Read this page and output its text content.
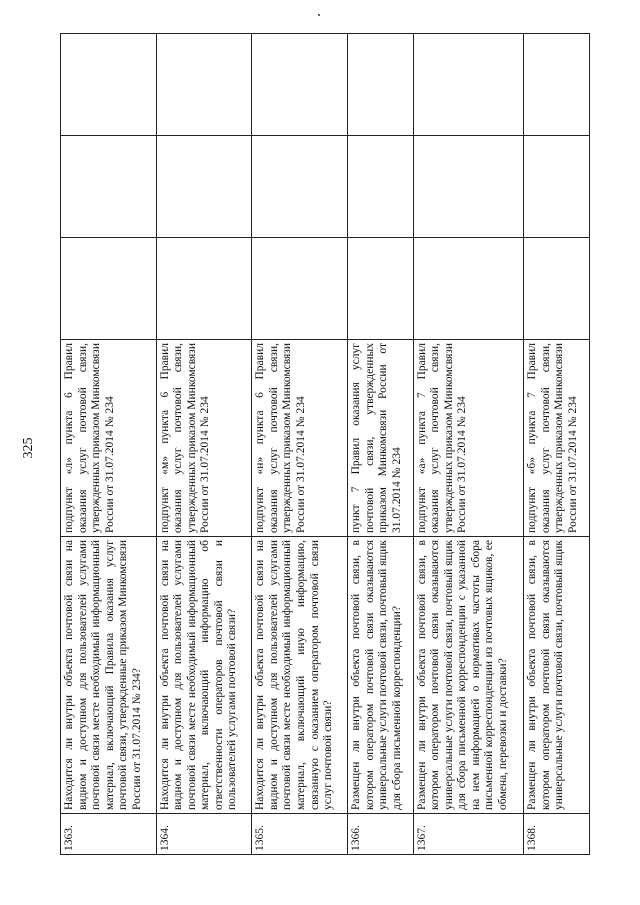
325
1363.	Находится ли внутри объекта почтовой связи на видном и доступном для пользователей услугами почтовой связи месте необходимый информационный материал, включающий Правила оказания услуг почтовой связи, утвержденные приказом Минкомсвязи России от 31.07.2014 № 234?	подпункт «л» пункта 6 Правил оказания услуг почтовой связи, утвержденных приказом Минкомсвязи России от 31.07.2014 № 234			
1364.	Находится ли внутри объекта почтовой связи на видном и доступном для пользователей услугами почтовой связи месте необходимый информационный материал, включающий информацию об ответственности операторов почтовой связи и пользователей услугами почтовой связи?	подпункт «м» пункта 6 Правил оказания услуг почтовой связи, утвержденных приказом Минкомсвязи России от 31.07.2014 № 234			
1365.	Находится ли внутри объекта почтовой связи на видном и доступном для пользователей услугами почтовой связи месте необходимый информационный материал, включающий иную информацию, связанную с оказанием оператором почтовой связи услуг почтовой связи?	подпункт «н» пункта 6 Правил оказания услуг почтовой связи, утвержденных приказом Минкомсвязи России от 31.07.2014 № 234			
1366.	Размещен ли внутри объекта почтовой связи, в котором оператором почтовой связи оказываются универсальные услуги почтовой связи, почтовый ящик для сбора письменной корреспонденции?	пункт 7 Правил оказания услуг почтовой связи, утвержденных приказом Минкомсвязи России от 31.07.2014 № 234			
1367.	Размещен ли внутри объекта почтовой связи, в котором оператором почтовой связи оказываются универсальные услуги почтовой связи, почтовый ящик для сбора письменной корреспонденции с указанной на нем информацией о нормативах частоты сбора письменной корреспонденции из почтовых ящиков, ее обмена, перевозки и доставки?	подпункт «а» пункта 7 Правил оказания услуг почтовой связи, утвержденных приказом Минкомсвязи России от 31.07.2014 № 234			
1368.	Размещен ли внутри объекта почтовой связи, в котором оператором почтовой связи оказываются универсальные услуги почтовой связи, почтовый ящик	подпункт «б» пункта 7 Правил оказания услуг почтовой связи, утвержденных приказом Минкомсвязи России от 31.07.2014 № 234			
